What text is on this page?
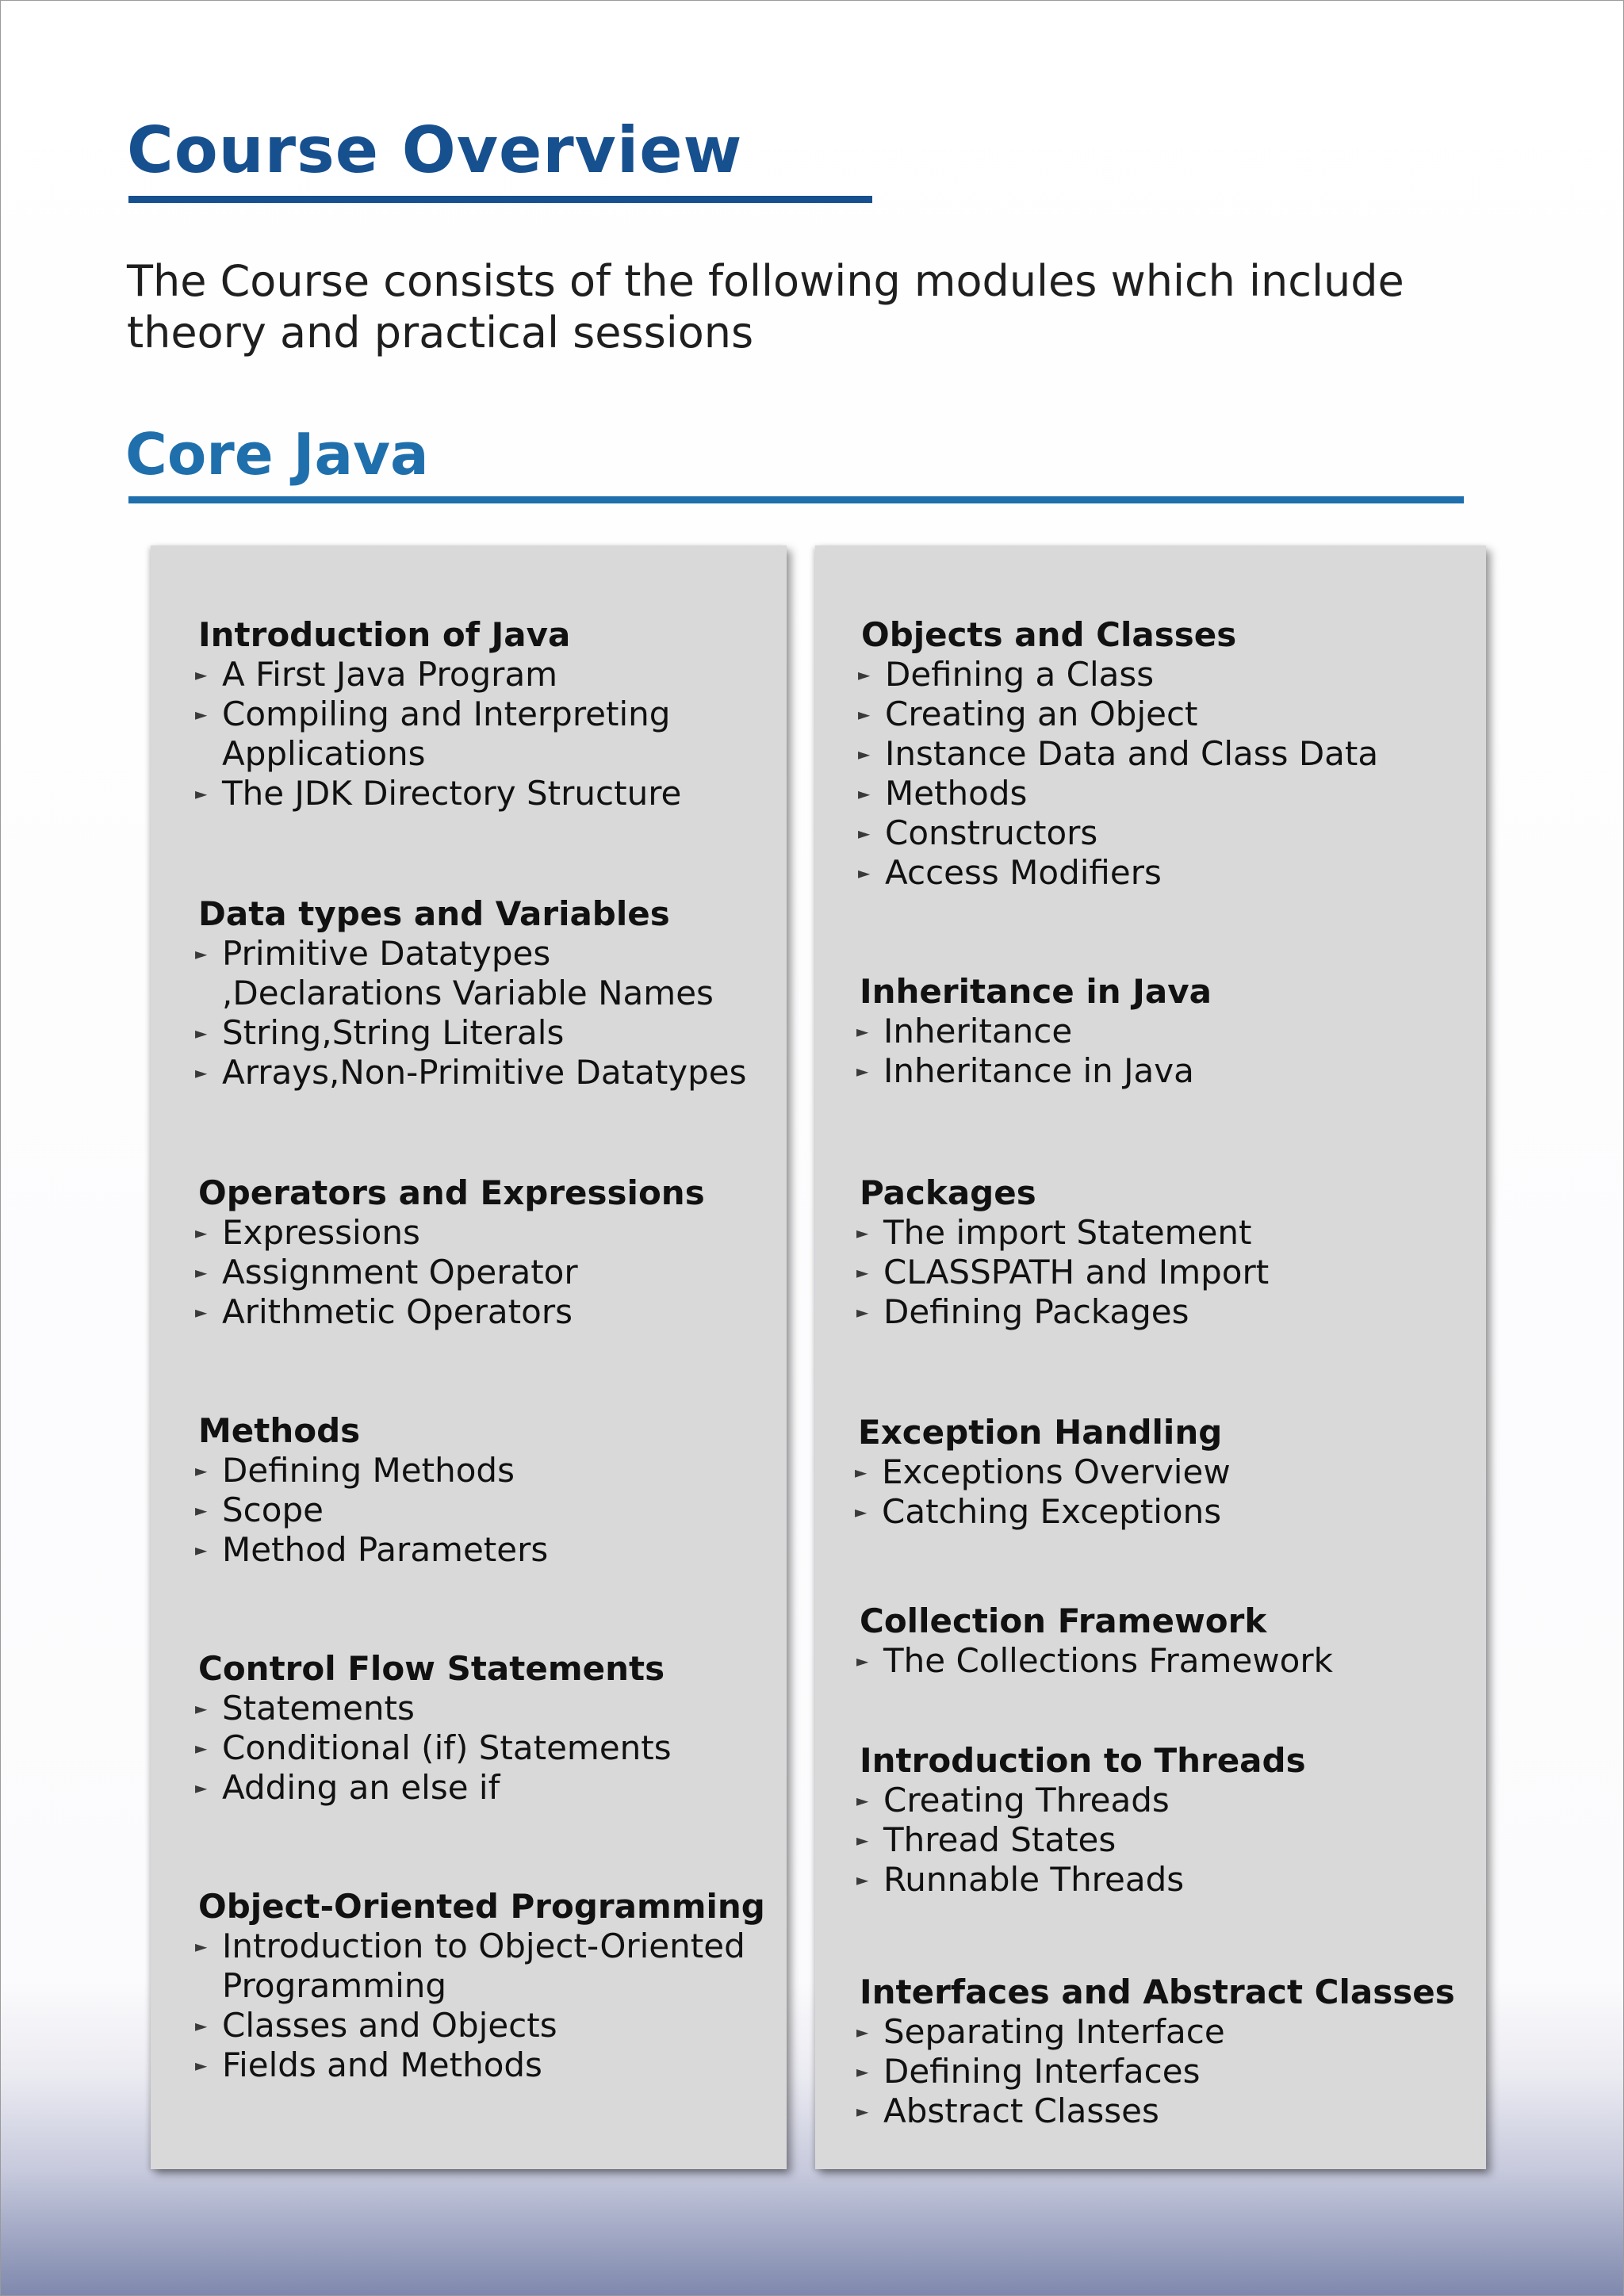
Course Overview

The Course consists of the following modules which include theory and practical sessions

Core Java
Introduction of Java
► A First Java Program
► Compiling and Interpreting Applications
► The JDK Directory Structure
Data types and Variables
► Primitive Datatypes ,Declarations Variable Names
► String,String Literals
► Arrays,Non-Primitive Datatypes
Operators and Expressions
► Expressions
► Assignment Operator
► Arithmetic Operators
Methods
► Defining Methods
► Scope
► Method Parameters
Control Flow Statements
► Statements
► Conditional (if) Statements
► Adding an else if
Object-Oriented Programming
► Introduction to Object-Oriented Programming
► Classes and Objects
► Fields and Methods
Objects and Classes
► Defining a Class
► Creating an Object
► Instance Data and Class Data
► Methods
► Constructors
► Access Modifiers
Inheritance in Java
► Inheritance
► Inheritance in Java
Packages
► The import Statement
► CLASSPATH and Import
► Defining Packages
Exception Handling
► Exceptions Overview
► Catching Exceptions
Collection Framework
► The Collections Framework
Introduction to Threads
► Creating Threads
► Thread States
► Runnable Threads
Interfaces and Abstract Classes
► Separating Interface
► Defining Interfaces
► Abstract Classes
